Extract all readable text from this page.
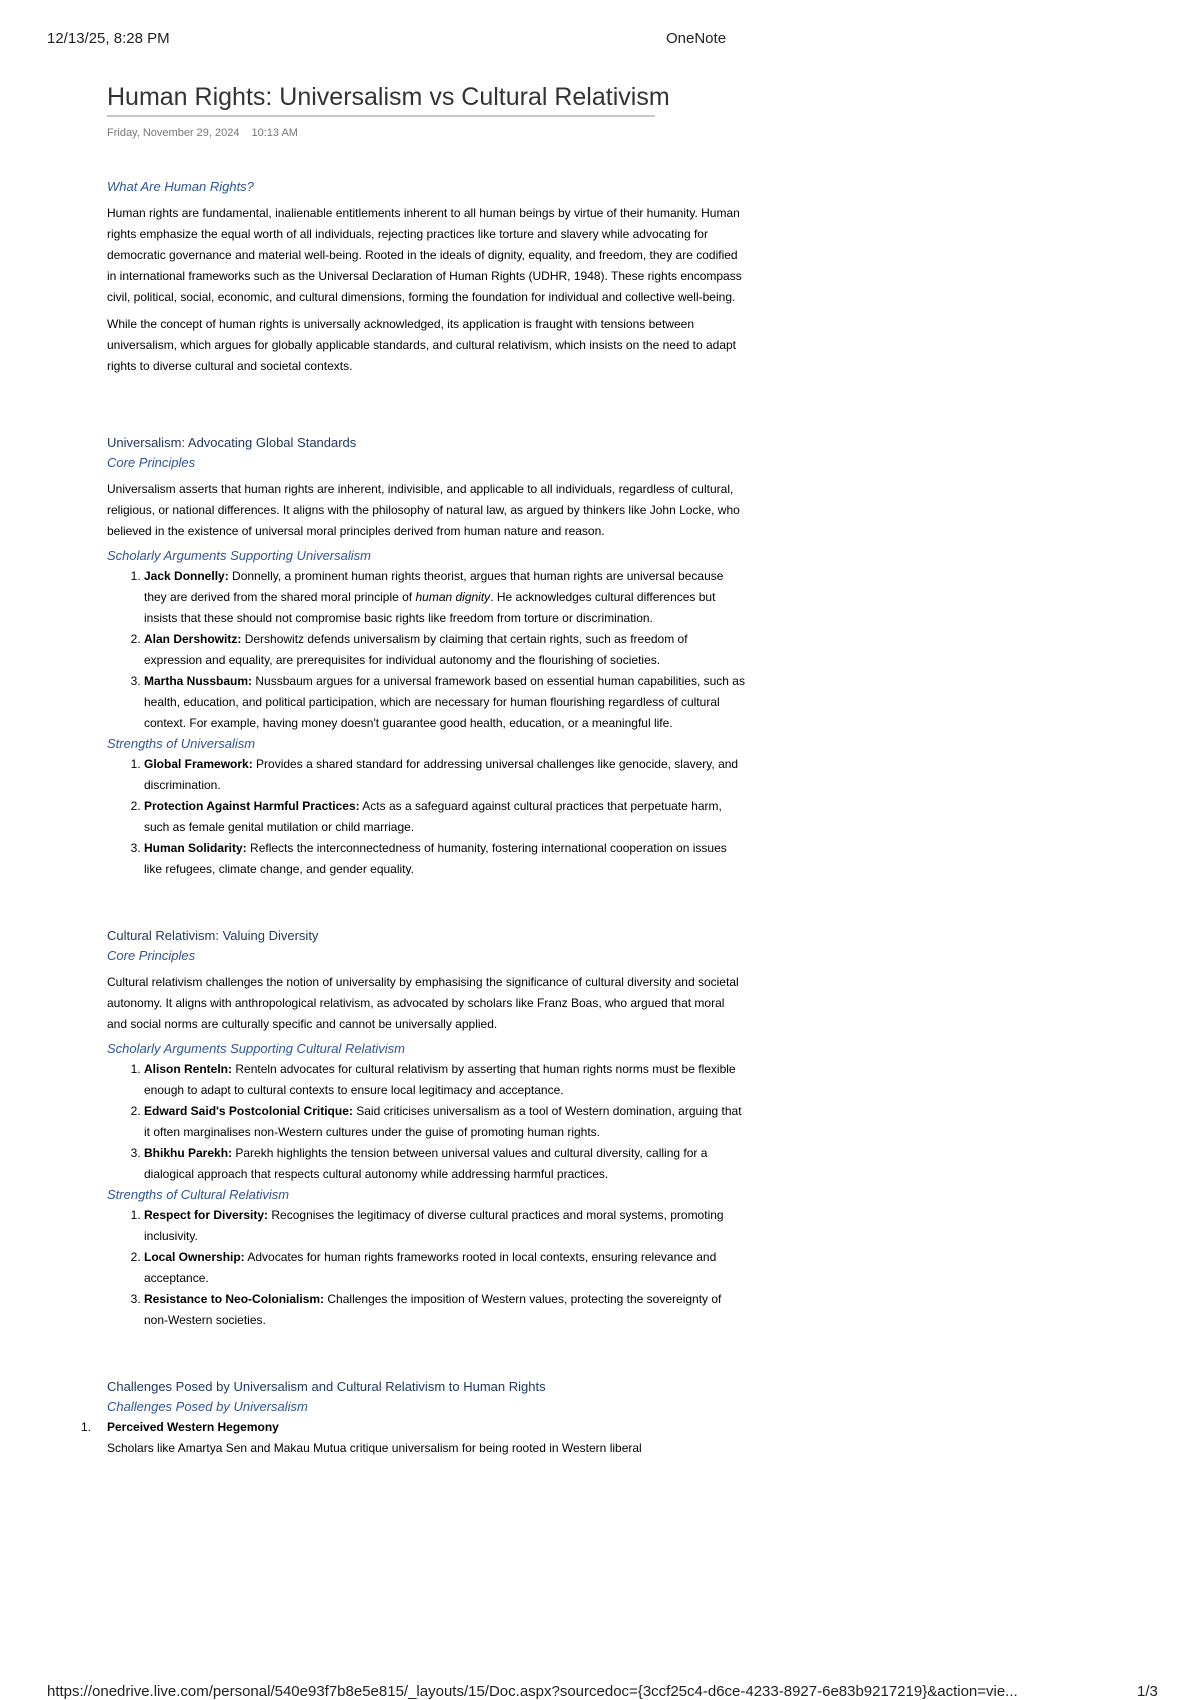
12/13/25, 8:28 PM	OneNote
Human Rights: Universalism vs Cultural Relativism
Friday, November 29, 2024 10:13 AM
What Are Human Rights?

Human rights are fundamental, inalienable entitlements inherent to all human beings by virtue of their humanity. Human rights emphasize the equal worth of all individuals, rejecting practices like torture and slavery while advocating for democratic governance and material well-being. Rooted in the ideals of dignity, equality, and freedom, they are codified in international frameworks such as the Universal Declaration of Human Rights (UDHR, 1948). These rights encompass civil, political, social, economic, and cultural dimensions, forming the foundation for individual and collective well-being.

While the concept of human rights is universally acknowledged, its application is fraught with tensions between universalism, which argues for globally applicable standards, and cultural relativism, which insists on the need to adapt rights to diverse cultural and societal contexts.

Universalism: Advocating Global Standards
Core Principles

Universalism asserts that human rights are inherent, indivisible, and applicable to all individuals, regardless of cultural, religious, or national differences. It aligns with the philosophy of natural law, as argued by thinkers like John Locke, who believed in the existence of universal moral principles derived from human nature and reason.

Scholarly Arguments Supporting Universalism
1. Jack Donnelly: Donnelly, a prominent human rights theorist, argues that human rights are universal because they are derived from the shared moral principle of human dignity. He acknowledges cultural differences but insists that these should not compromise basic rights like freedom from torture or discrimination.
2. Alan Dershowitz: Dershowitz defends universalism by claiming that certain rights, such as freedom of expression and equality, are prerequisites for individual autonomy and the flourishing of societies.
3. Martha Nussbaum: Nussbaum argues for a universal framework based on essential human capabilities, such as health, education, and political participation, which are necessary for human flourishing regardless of cultural context. For example, having money doesn't guarantee good health, education, or a meaningful life.
Strengths of Universalism
1. Global Framework: Provides a shared standard for addressing universal challenges like genocide, slavery, and discrimination.
2. Protection Against Harmful Practices: Acts as a safeguard against cultural practices that perpetuate harm, such as female genital mutilation or child marriage.
3. Human Solidarity: Reflects the interconnectedness of humanity, fostering international cooperation on issues like refugees, climate change, and gender equality.
Cultural Relativism: Valuing Diversity
Core Principles

Cultural relativism challenges the notion of universality by emphasising the significance of cultural diversity and societal autonomy. It aligns with anthropological relativism, as advocated by scholars like Franz Boas, who argued that moral and social norms are culturally specific and cannot be universally applied.

Scholarly Arguments Supporting Cultural Relativism
1. Alison Renteln: Renteln advocates for cultural relativism by asserting that human rights norms must be flexible enough to adapt to cultural contexts to ensure local legitimacy and acceptance.
2. Edward Said's Postcolonial Critique: Said criticises universalism as a tool of Western domination, arguing that it often marginalises non-Western cultures under the guise of promoting human rights.
3. Bhikhu Parekh: Parekh highlights the tension between universal values and cultural diversity, calling for a dialogical approach that respects cultural autonomy while addressing harmful practices.
Strengths of Cultural Relativism
1. Respect for Diversity: Recognises the legitimacy of diverse cultural practices and moral systems, promoting inclusivity.
2. Local Ownership: Advocates for human rights frameworks rooted in local contexts, ensuring relevance and acceptance.
3. Resistance to Neo-Colonialism: Challenges the imposition of Western values, protecting the sovereignty of non-Western societies.
Challenges Posed by Universalism and Cultural Relativism to Human Rights
Challenges Posed by Universalism
1. Perceived Western Hegemony
Scholars like Amartya Sen and Makau Mutua critique universalism for being rooted in Western liberal
https://onedrive.live.com/personal/540e93f7b8e5e815/_layouts/15/Doc.aspx?sourcedoc={3ccf25c4-d6ce-4233-8927-6e83b9217219}&action=vie...	1/3
